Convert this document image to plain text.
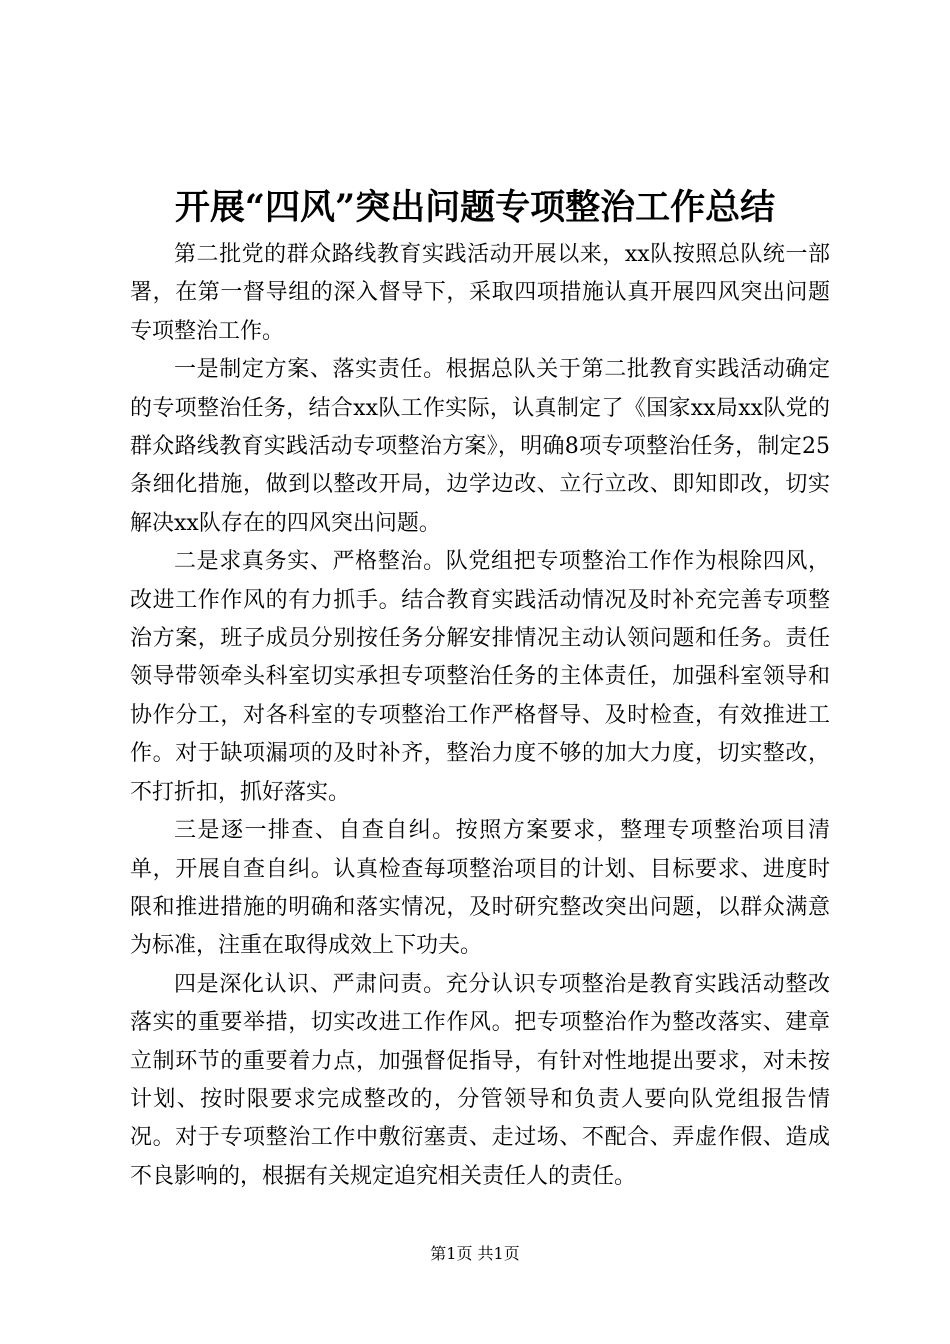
开展“四风”突出问题专项整治工作总结

第二批党的群众路线教育实践活动开展以来，xx队按照总队统一部署，在第一督导组的深入督导下，采取四项措施认真开展四风突出问题专项整治工作。

一是制定方案、落实责任。根据总队关于第二批教育实践活动确定的专项整治任务，结合xx队工作实际，认真制定了《国家xx局xx队党的群众路线教育实践活动专项整治方案》，明确8项专项整治任务，制定25条细化措施，做到以整改开局，边学边改、立行立改、即知即改，切实解决xx队存在的四风突出问题。

二是求真务实、严格整治。队党组把专项整治工作作为根除四风，改进工作作风的有力抓手。结合教育实践活动情况及时补充完善专项整治方案，班子成员分别按任务分解安排情况主动认领问题和任务。责任领导带领牵头科室切实承担专项整治任务的主体责任，加强科室领导和协作分工，对各科室的专项整治工作严格督导、及时检查，有效推进工作。对于缺项漏项的及时补齐，整治力度不够的加大力度，切实整改，不打折扣，抓好落实。

三是逐一排查、自查自纠。按照方案要求，整理专项整治项目清单，开展自查自纠。认真检查每项整治项目的计划、目标要求、进度时限和推进措施的明确和落实情况，及时研究整改突出问题，以群众满意为标准，注重在取得成效上下功夫。

四是深化认识、严肃问责。充分认识专项整治是教育实践活动整改落实的重要举措，切实改进工作作风。把专项整治作为整改落实、建章立制环节的重要着力点，加强督促指导，有针对性地提出要求，对未按计划、按时限要求完成整改的，分管领导和负责人要向队党组报告情况。对于专项整治工作中敷衍塞责、走过场、不配合、弄虚作假、造成不良影响的，根据有关规定追究相关责任人的责任。

第1页 共1页
